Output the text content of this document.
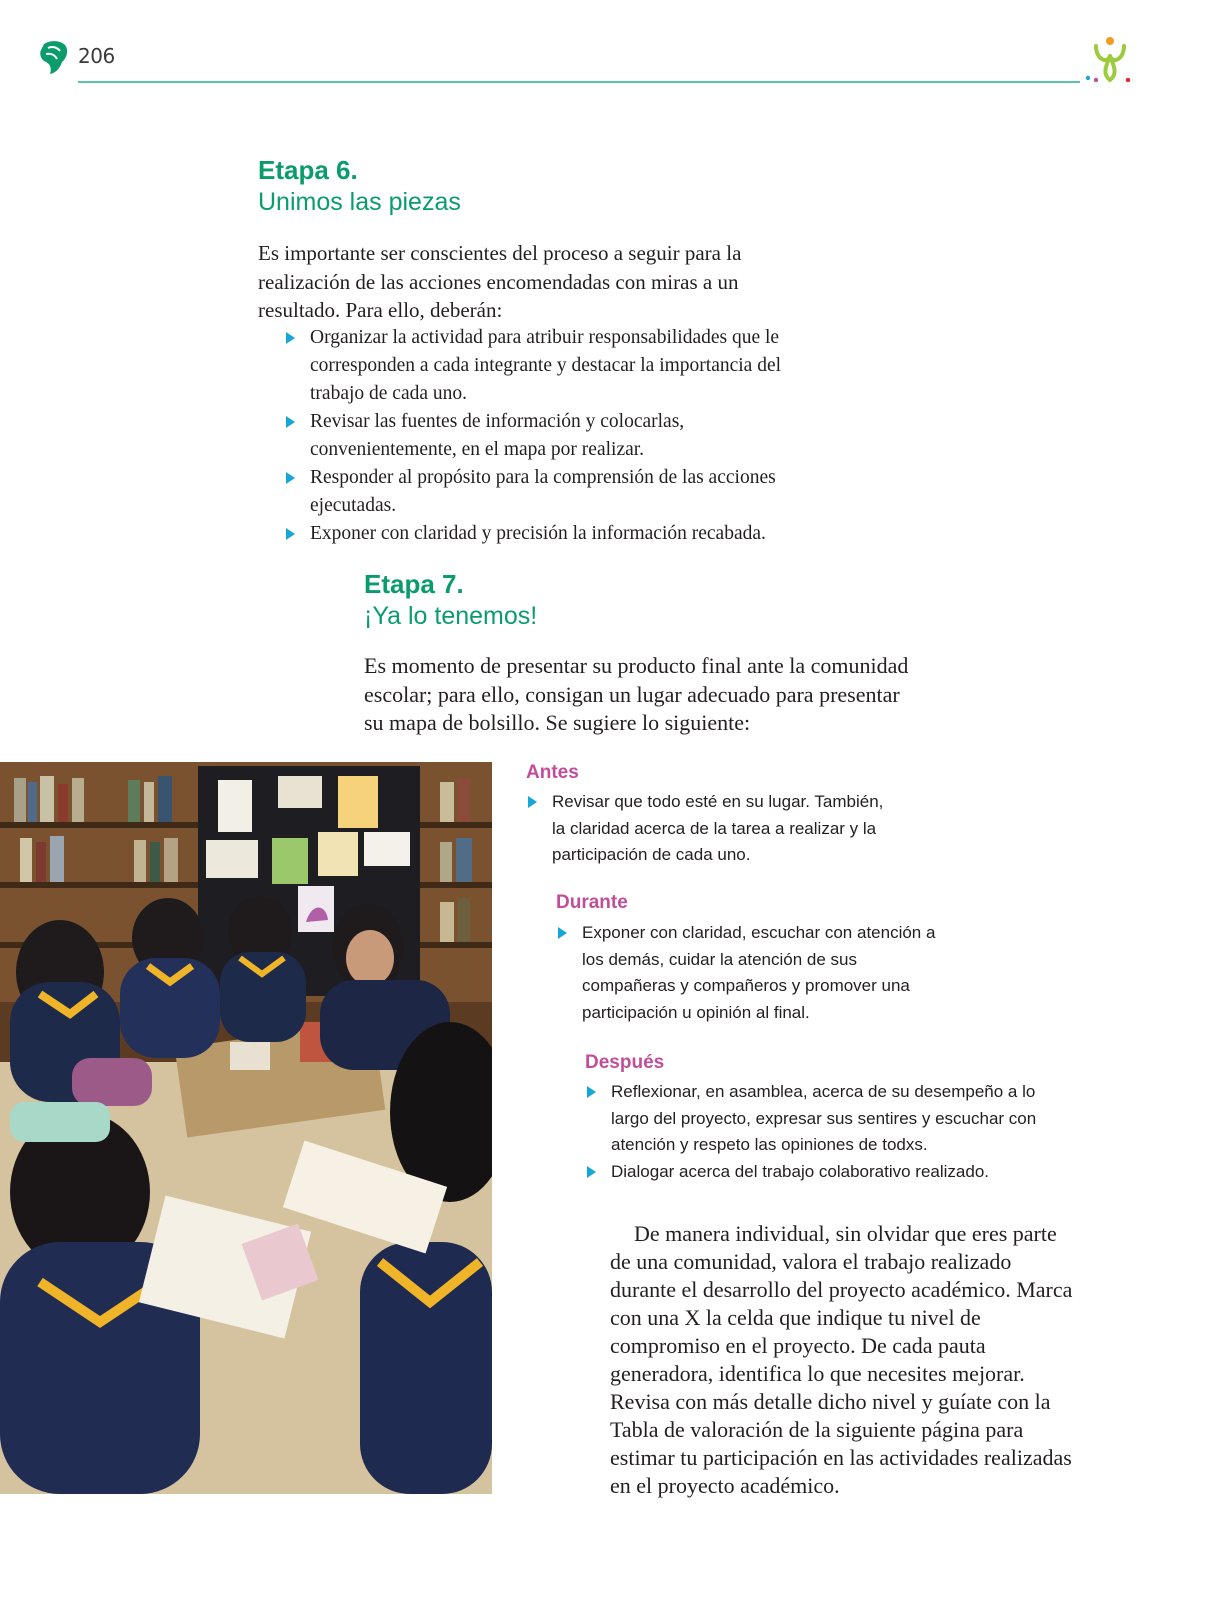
206
Etapa 6.
Unimos las piezas

Es importante ser conscientes del proceso a seguir para la realización de las acciones encomendadas con miras a un resultado. Para ello, deberán:

Organizar la actividad para atribuir responsabilidades que le corresponden a cada integrante y destacar la importancia del trabajo de cada uno.
Revisar las fuentes de información y colocarlas, convenientemente, en el mapa por realizar.
Responder al propósito para la comprensión de las acciones ejecutadas.
Exponer con claridad y precisión la información recabada.
Etapa 7.
¡Ya lo tenemos!

Es momento de presentar su producto final ante la comunidad escolar; para ello, consigan un lugar adecuado para presentar su mapa de bolsillo. Se sugiere lo siguiente:

Antes
Revisar que todo esté en su lugar. También, la claridad acerca de la tarea a realizar y la participación de cada uno.
Durante
Exponer con claridad, escuchar con atención a los demás, cuidar la atención de sus compañeras y compañeros y promover una participación u opinión al final.
Después
Reflexionar, en asamblea, acerca de su desempeño a lo largo del proyecto, expresar sus sentires y escuchar con atención y respeto las opiniones de todxs.
Dialogar acerca del trabajo colaborativo realizado.

De manera individual, sin olvidar que eres parte de una comunidad, valora el trabajo realizado durante el desarrollo del proyecto académico. Marca con una X la celda que indique tu nivel de compromiso en el proyecto. De cada pauta generadora, identifica lo que necesites mejorar. Revisa con más detalle dicho nivel y guíate con la Tabla de valoración de la siguiente página para estimar tu participación en las actividades realizadas en el proyecto académico.
